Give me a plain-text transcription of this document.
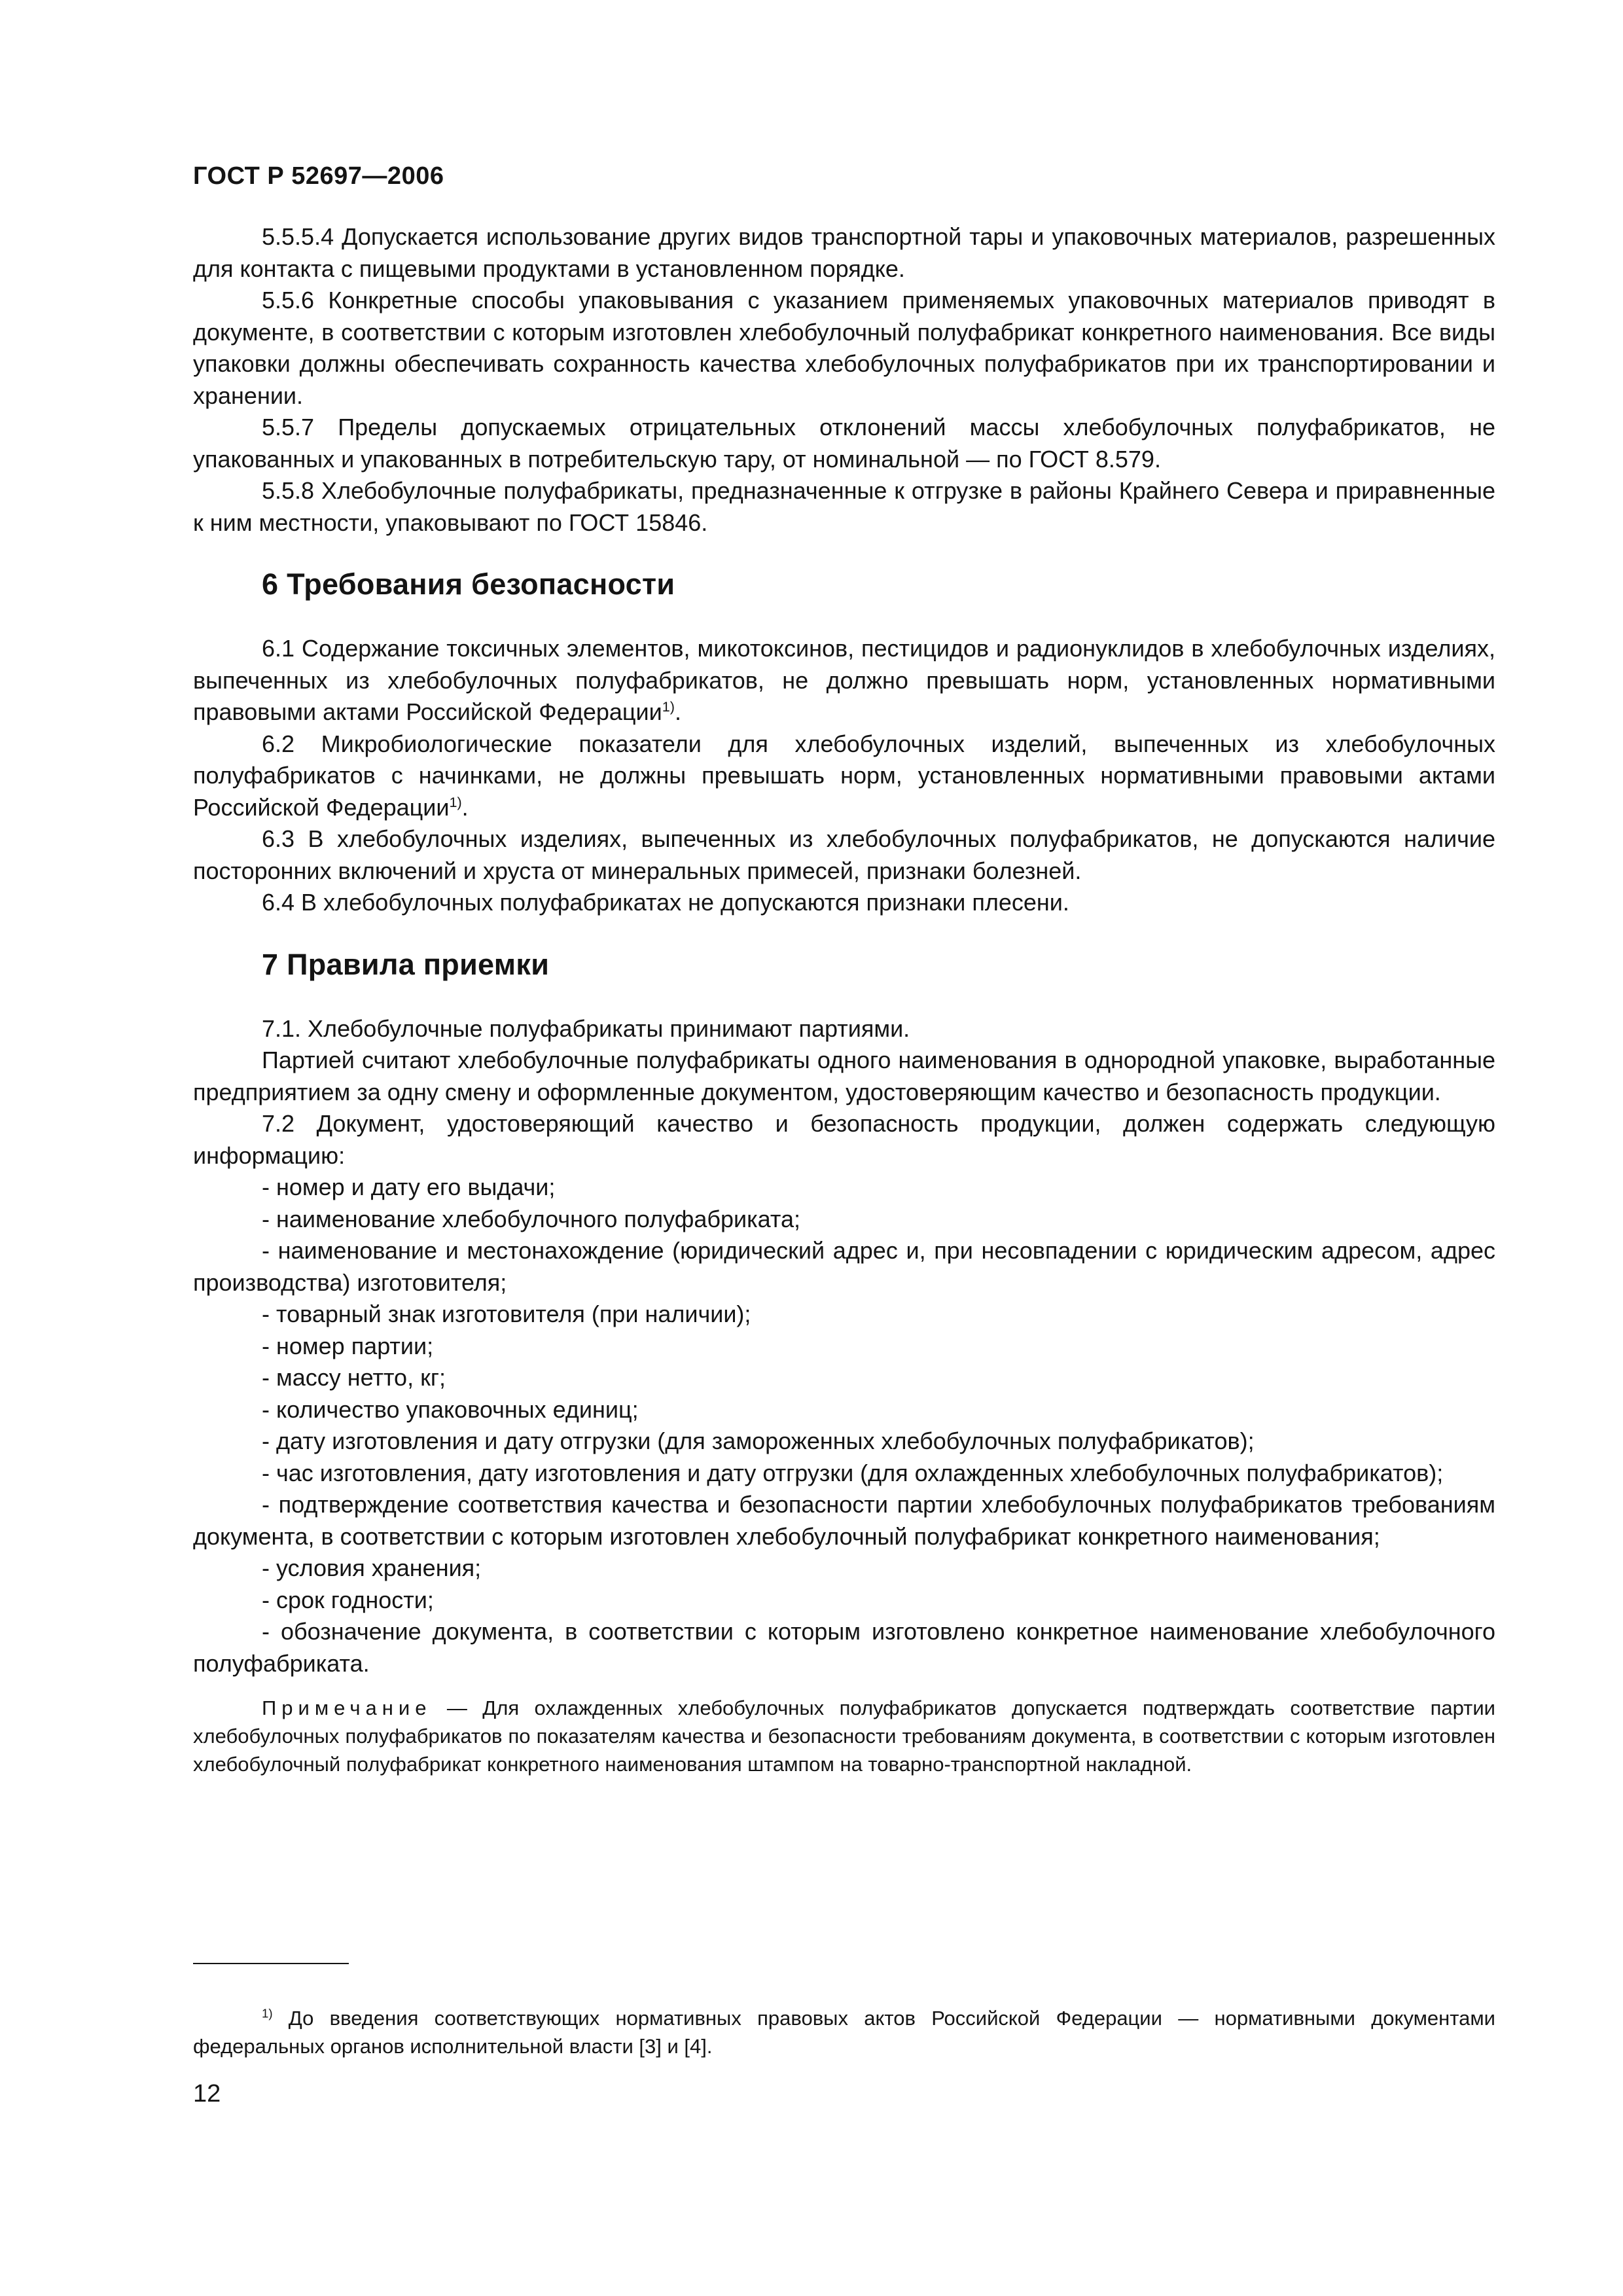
ГОСТ Р 52697—2006

5.5.5.4 Допускается использование других видов транспортной тары и упаковочных материалов, разрешенных для контакта с пищевыми продуктами в установленном порядке.

5.5.6 Конкретные способы упаковывания с указанием применяемых упаковочных материалов приводят в документе, в соответствии с которым изготовлен хлебобулочный полуфабрикат конкретного наименования. Все виды упаковки должны обеспечивать сохранность качества хлебобулочных полуфабрикатов при их транспортировании и хранении.

5.5.7 Пределы допускаемых отрицательных отклонений массы хлебобулочных полуфабрикатов, не упакованных и упакованных в потребительскую тару, от номинальной — по ГОСТ 8.579.

5.5.8 Хлебобулочные полуфабрикаты, предназначенные к отгрузке в районы Крайнего Севера и приравненные к ним местности, упаковывают по ГОСТ 15846.

6 Требования безопасности

6.1 Содержание токсичных элементов, микотоксинов, пестицидов и радионуклидов в хлебобулочных изделиях, выпеченных из хлебобулочных полуфабрикатов, не должно превышать норм, установленных нормативными правовыми актами Российской Федерации$^{1)}$.

6.2 Микробиологические показатели для хлебобулочных изделий, выпеченных из хлебобулочных полуфабрикатов с начинками, не должны превышать норм, установленных нормативными правовыми актами Российской Федерации$^{1)}$.

6.3 В хлебобулочных изделиях, выпеченных из хлебобулочных полуфабрикатов, не допускаются наличие посторонних включений и хруста от минеральных примесей, признаки болезней.

6.4 В хлебобулочных полуфабрикатах не допускаются признаки плесени.

7 Правила приемки

7.1. Хлебобулочные полуфабрикаты принимают партиями.

Партией считают хлебобулочные полуфабрикаты одного наименования в однородной упаковке, выработанные предприятием за одну смену и оформленные документом, удостоверяющим качество и безопасность продукции.

7.2 Документ, удостоверяющий качество и безопасность продукции, должен содержать следующую информацию:

- номер и дату его выдачи;

- наименование хлебобулочного полуфабриката;

- наименование и местонахождение (юридический адрес и, при несовпадении с юридическим адресом, адрес производства) изготовителя;

- товарный знак изготовителя (при наличии);

- номер партии;

- массу нетто, кг;

- количество упаковочных единиц;

- дату изготовления и дату отгрузки (для замороженных хлебобулочных полуфабрикатов);

- час изготовления, дату изготовления и дату отгрузки (для охлажденных хлебобулочных полуфабрикатов);

- подтверждение соответствия качества и безопасности партии хлебобулочных полуфабрикатов требованиям документа, в соответствии с которым изготовлен хлебобулочный полуфабрикат конкретного наименования;

- условия хранения;

- срок годности;

- обозначение документа, в соответствии с которым изготовлено конкретное наименование хлебобулочного полуфабриката.

Примечание — Для охлажденных хлебобулочных полуфабрикатов допускается подтверждать соответствие партии хлебобулочных полуфабрикатов по показателям качества и безопасности требованиям документа, в соответствии с которым изготовлен хлебобулочный полуфабрикат конкретного наименования штампом на товарно-транспортной накладной.

$^{1)}$ До введения соответствующих нормативных правовых актов Российской Федерации — нормативными документами федеральных органов исполнительной власти [3] и [4].

12
